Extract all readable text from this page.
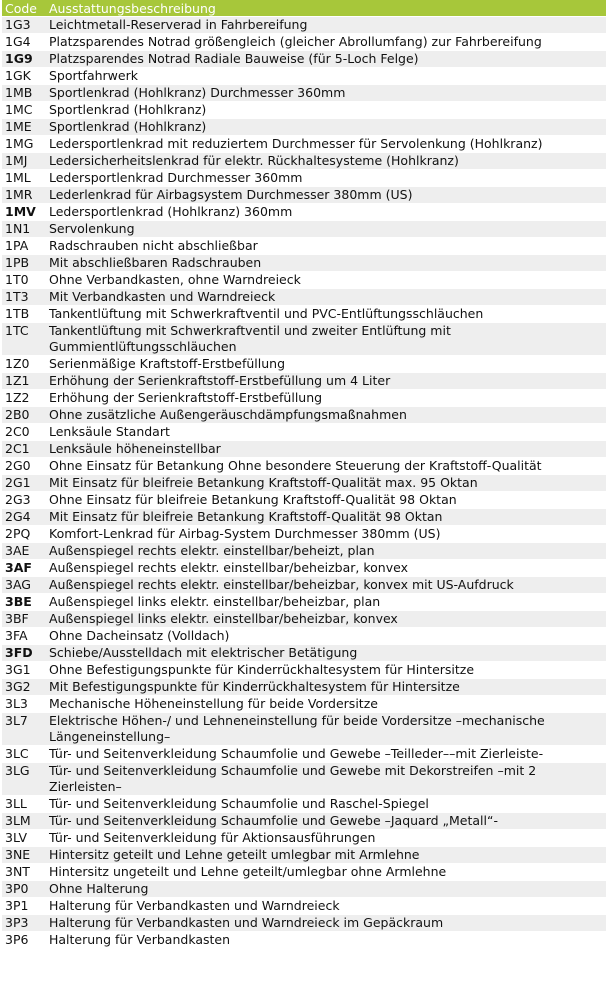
Code	Ausstattungsbeschreibung
1G3	Leichtmetall-Reserverad in Fahrbereifung
1G4	Platzsparendes Notrad größengleich (gleicher Abrollumfang) zur Fahrbereifung
1G9	Platzsparendes Notrad Radiale Bauweise (für 5-Loch Felge)
1GK	Sportfahrwerk
1MB	Sportlenkrad (Hohlkranz) Durchmesser 360mm
1MC	Sportlenkrad (Hohlkranz)
1ME	Sportlenkrad (Hohlkranz)
1MG	Ledersportlenkrad mit reduziertem Durchmesser für Servolenkung (Hohlkranz)
1MJ	Ledersicherheitslenkrad für elektr. Rückhaltesysteme (Hohlkranz)
1ML	Ledersportlenkrad Durchmesser 360mm
1MR	Lederlenkrad für Airbagsystem Durchmesser 380mm (US)
1MV	Ledersportlenkrad (Hohlkranz) 360mm
1N1	Servolenkung
1PA	Radschrauben nicht abschließbar
1PB	Mit abschließbaren Radschrauben
1T0	Ohne Verbandkasten, ohne Warndreieck
1T3	Mit Verbandkasten und Warndreieck
1TB	Tankentlüftung mit Schwerkraftventil und PVC-Entlüftungsschläuchen
1TC	Tankentlüftung mit Schwerkraftventil und zweiter Entlüftung mit Gummientlüftungsschläuchen
1Z0	Serienmäßige Kraftstoff-Erstbefüllung
1Z1	Erhöhung der Serienkraftstoff-Erstbefüllung um 4 Liter
1Z2	Erhöhung der Serienkraftstoff-Erstbefüllung
2B0	Ohne zusätzliche Außengeräuschdämpfungsmaßnahmen
2C0	Lenksäule Standart
2C1	Lenksäule höheneinstellbar
2G0	Ohne Einsatz für Betankung Ohne besondere Steuerung der Kraftstoff-Qualität
2G1	Mit Einsatz für bleifreie Betankung Kraftstoff-Qualität max. 95 Oktan
2G3	Ohne Einsatz für bleifreie Betankung Kraftstoff-Qualität 98 Oktan
2G4	Mit Einsatz für bleifreie Betankung Kraftstoff-Qualität 98 Oktan
2PQ	Komfort-Lenkrad für Airbag-System Durchmesser 380mm (US)
3AE	Außenspiegel rechts elektr. einstellbar/beheizt, plan
3AF	Außenspiegel rechts elektr. einstellbar/beheizbar, konvex
3AG	Außenspiegel rechts elektr. einstellbar/beheizbar, konvex mit US-Aufdruck
3BE	Außenspiegel links elektr. einstellbar/beheizbar, plan
3BF	Außenspiegel links elektr. einstellbar/beheizbar, konvex
3FA	Ohne Dacheinsatz (Volldach)
3FD	Schiebe/Ausstelldach mit elektrischer Betätigung
3G1	Ohne Befestigungspunkte für Kinderrückhaltesystem für Hintersitze
3G2	Mit Befestigungspunkte für Kinderrückhaltesystem für Hintersitze
3L3	Mechanische Höheneinstellung für beide Vordersitze
3L7	Elektrische Höhen-/ und Lehneneinstellung für beide Vordersitze –mechanische Längeneinstellung–
3LC	Tür- und Seitenverkleidung Schaumfolie und Gewebe –Teilleder––mit Zierleiste-
3LG	Tür- und Seitenverkleidung Schaumfolie und Gewebe mit Dekorstreifen –mit 2 Zierleisten–
3LL	Tür- und Seitenverkleidung Schaumfolie und Raschel-Spiegel
3LM	Tür- und Seitenverkleidung Schaumfolie und Gewebe –Jaquard „Metall“-
3LV	Tür- und Seitenverkleidung für Aktionsausführungen
3NE	Hintersitz geteilt und Lehne geteilt umlegbar mit Armlehne
3NT	Hintersitz ungeteilt und Lehne geteilt/umlegbar ohne Armlehne
3P0	Ohne Halterung
3P1	Halterung für Verbandkasten und Warndreieck
3P3	Halterung für Verbandkasten und Warndreieck im Gepäckraum
3P6	Halterung für Verbandkasten
